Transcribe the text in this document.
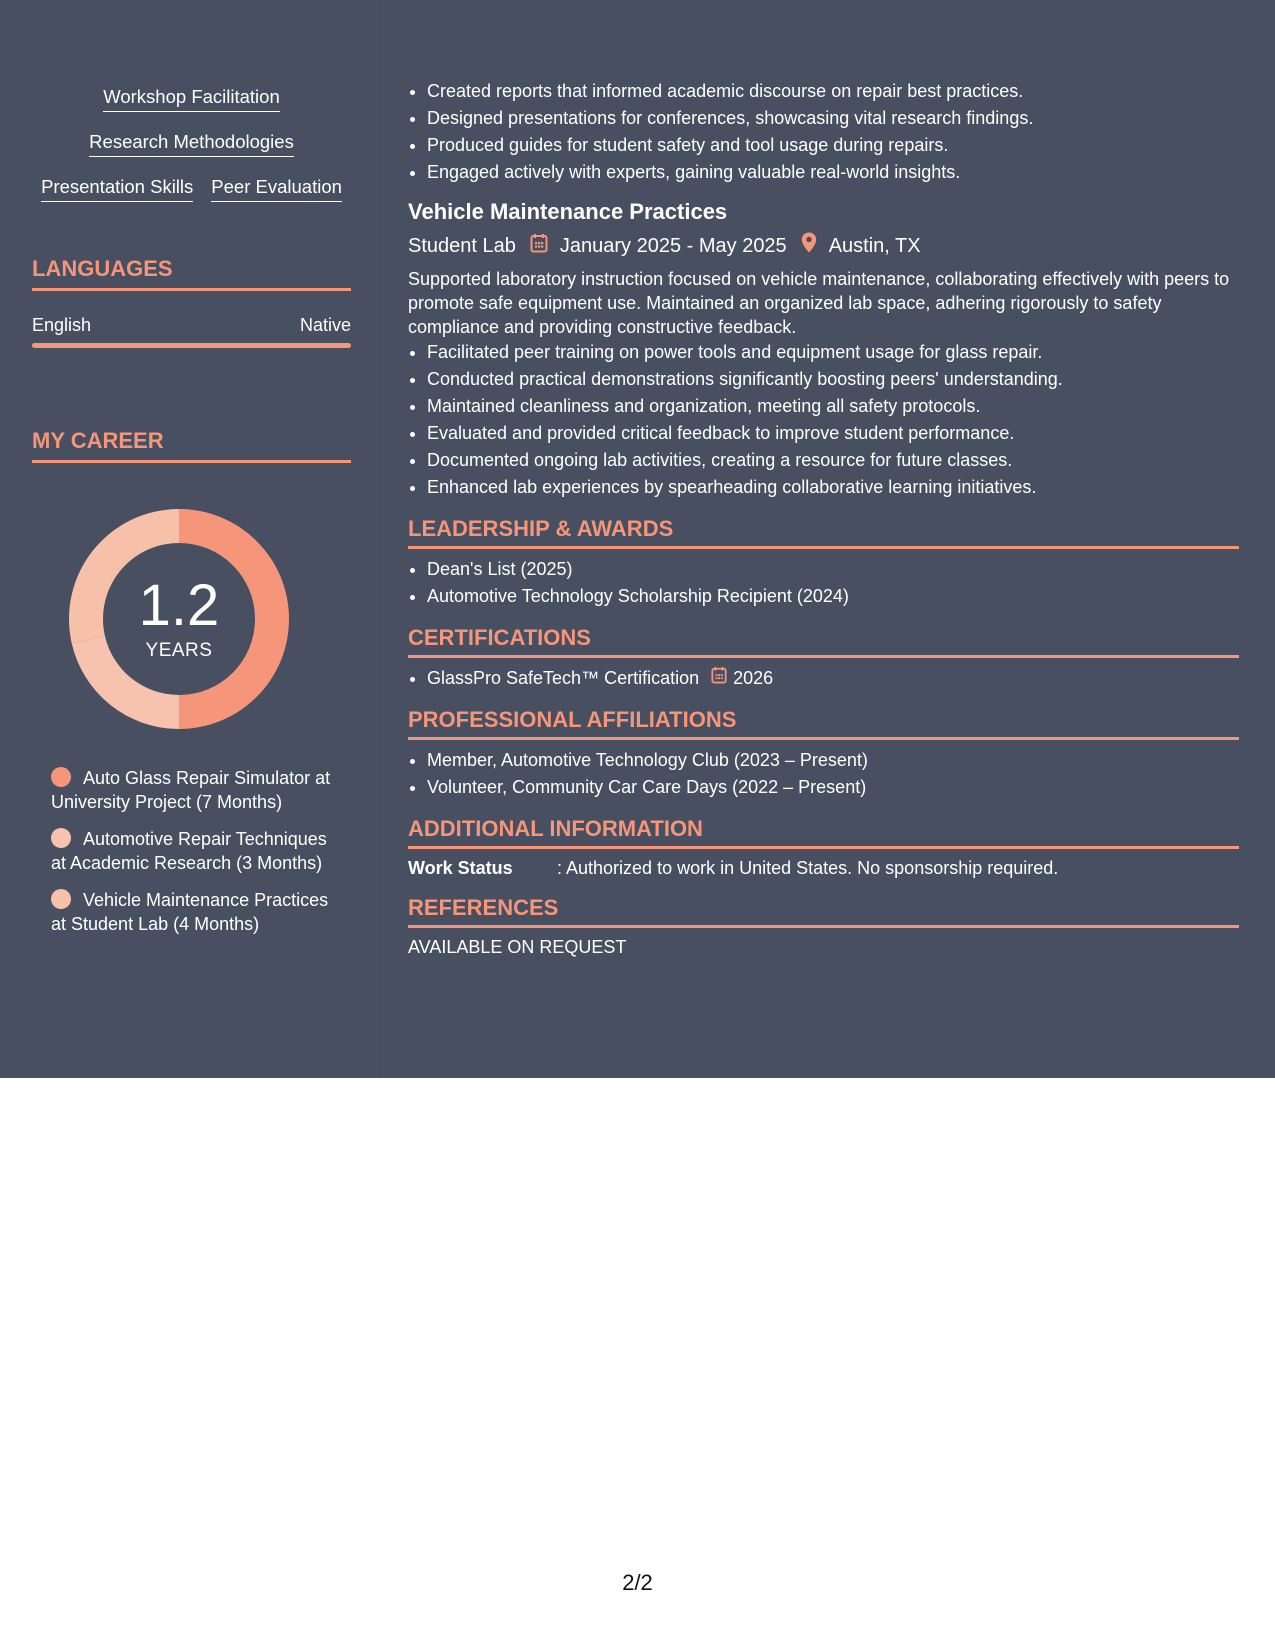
Workshop Facilitation
Research Methodologies
Presentation Skills Peer Evaluation
LANGUAGES
English	Native
MY CAREER
1.2
YEARS
Auto Glass Repair Simulator at University Project (7 Months)
Automotive Repair Techniques at Academic Research (3 Months)
Vehicle Maintenance Practices at Student Lab (4 Months)
• Created reports that informed academic discourse on repair best practices.
• Designed presentations for conferences, showcasing vital research findings.
• Produced guides for student safety and tool usage during repairs.
• Engaged actively with experts, gaining valuable real-world insights.
Vehicle Maintenance Practices
Student Lab January 2025 - May 2025 Austin, TX
Supported laboratory instruction focused on vehicle maintenance, collaborating effectively with peers to promote safe equipment use. Maintained an organized lab space, adhering rigorously to safety compliance and providing constructive feedback.
• Facilitated peer training on power tools and equipment usage for glass repair.
• Conducted practical demonstrations significantly boosting peers' understanding.
• Maintained cleanliness and organization, meeting all safety protocols.
• Evaluated and provided critical feedback to improve student performance.
• Documented ongoing lab activities, creating a resource for future classes.
• Enhanced lab experiences by spearheading collaborative learning initiatives.
LEADERSHIP & AWARDS
• Dean's List (2025)
• Automotive Technology Scholarship Recipient (2024)
CERTIFICATIONS
• GlassPro SafeTech™ Certification 2026
PROFESSIONAL AFFILIATIONS
• Member, Automotive Technology Club (2023 – Present)
• Volunteer, Community Car Care Days (2022 – Present)
ADDITIONAL INFORMATION
Work Status	: Authorized to work in United States. No sponsorship required.
REFERENCES
AVAILABLE ON REQUEST
2/2
